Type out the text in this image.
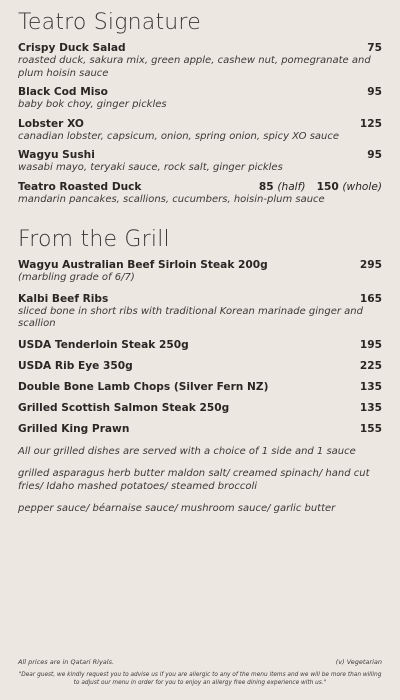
Teatro Signature
Crispy Duck Salad	75
roasted duck, sakura mix, green apple, cashew nut, pomegranate and plum hoisin sauce
Black Cod Miso	95
baby bok choy, ginger pickles
Lobster XO	125
canadian lobster, capsicum, onion, spring onion, spicy XO sauce
Wagyu Sushi	95
wasabi mayo, teryaki sauce, rock salt, ginger pickles
Teatro Roasted Duck	85 (half) 150 (whole)
mandarin pancakes, scallions, cucumbers, hoisin-plum sauce
From the Grill
Wagyu Australian Beef Sirloin Steak 200g	295
(marbling grade of 6/7)
Kalbi Beef Ribs	165
sliced bone in short ribs with traditional Korean marinade ginger and scallion
USDA Tenderloin Steak 250g	195
USDA Rib Eye 350g	225
Double Bone Lamb Chops (Silver Fern NZ)	135
Grilled Scottish Salmon Steak 250g	135
Grilled King Prawn	155

All our grilled dishes are served with a choice of 1 side and 1 sauce

grilled asparagus herb butter maldon salt/ creamed spinach/ hand cut fries/ Idaho mashed potatoes/ steamed broccoli

pepper sauce/ béarnaise sauce/ mushroom sauce/ garlic butter

All prices are in Qatari Riyals.	(v) Vegetarian
"Dear guest, we kindly request you to advise us if you are allergic to any of the menu items and we will be more than willing to adjust our menu in order for you to enjoy an allergy free dining experience with us."
